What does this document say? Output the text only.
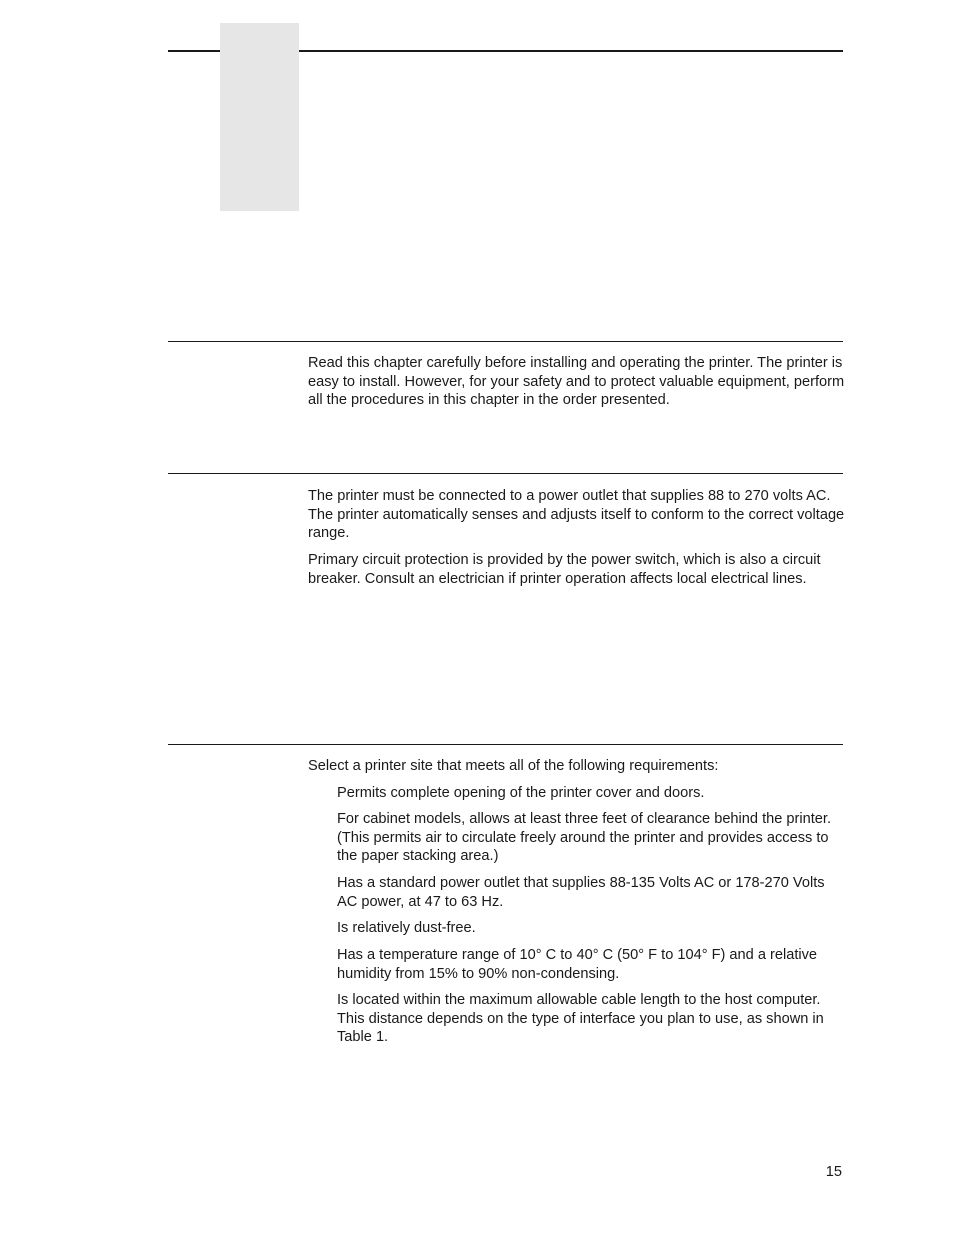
Read this chapter carefully before installing and operating the printer. The printer is easy to install. However, for your safety and to protect valuable equipment, perform all the procedures in this chapter in the order presented.

The printer must be connected to a power outlet that supplies 88 to 270 volts AC. The printer automatically senses and adjusts itself to conform to the correct voltage range.

Primary circuit protection is provided by the power switch, which is also a circuit breaker. Consult an electrician if printer operation affects local electrical lines.

Select a printer site that meets all of the following requirements:

Permits complete opening of the printer cover and doors.
For cabinet models, allows at least three feet of clearance behind the printer. (This permits air to circulate freely around the printer and provides access to the paper stacking area.)
Has a standard power outlet that supplies 88-135 Volts AC or 178-270 Volts AC power, at 47 to 63 Hz.
Is relatively dust-free.
Has a temperature range of 10° C to 40° C (50° F to 104° F) and a relative humidity from 15% to 90% non-condensing.
Is located within the maximum allowable cable length to the host computer. This distance depends on the type of interface you plan to use, as shown in Table 1.
15
